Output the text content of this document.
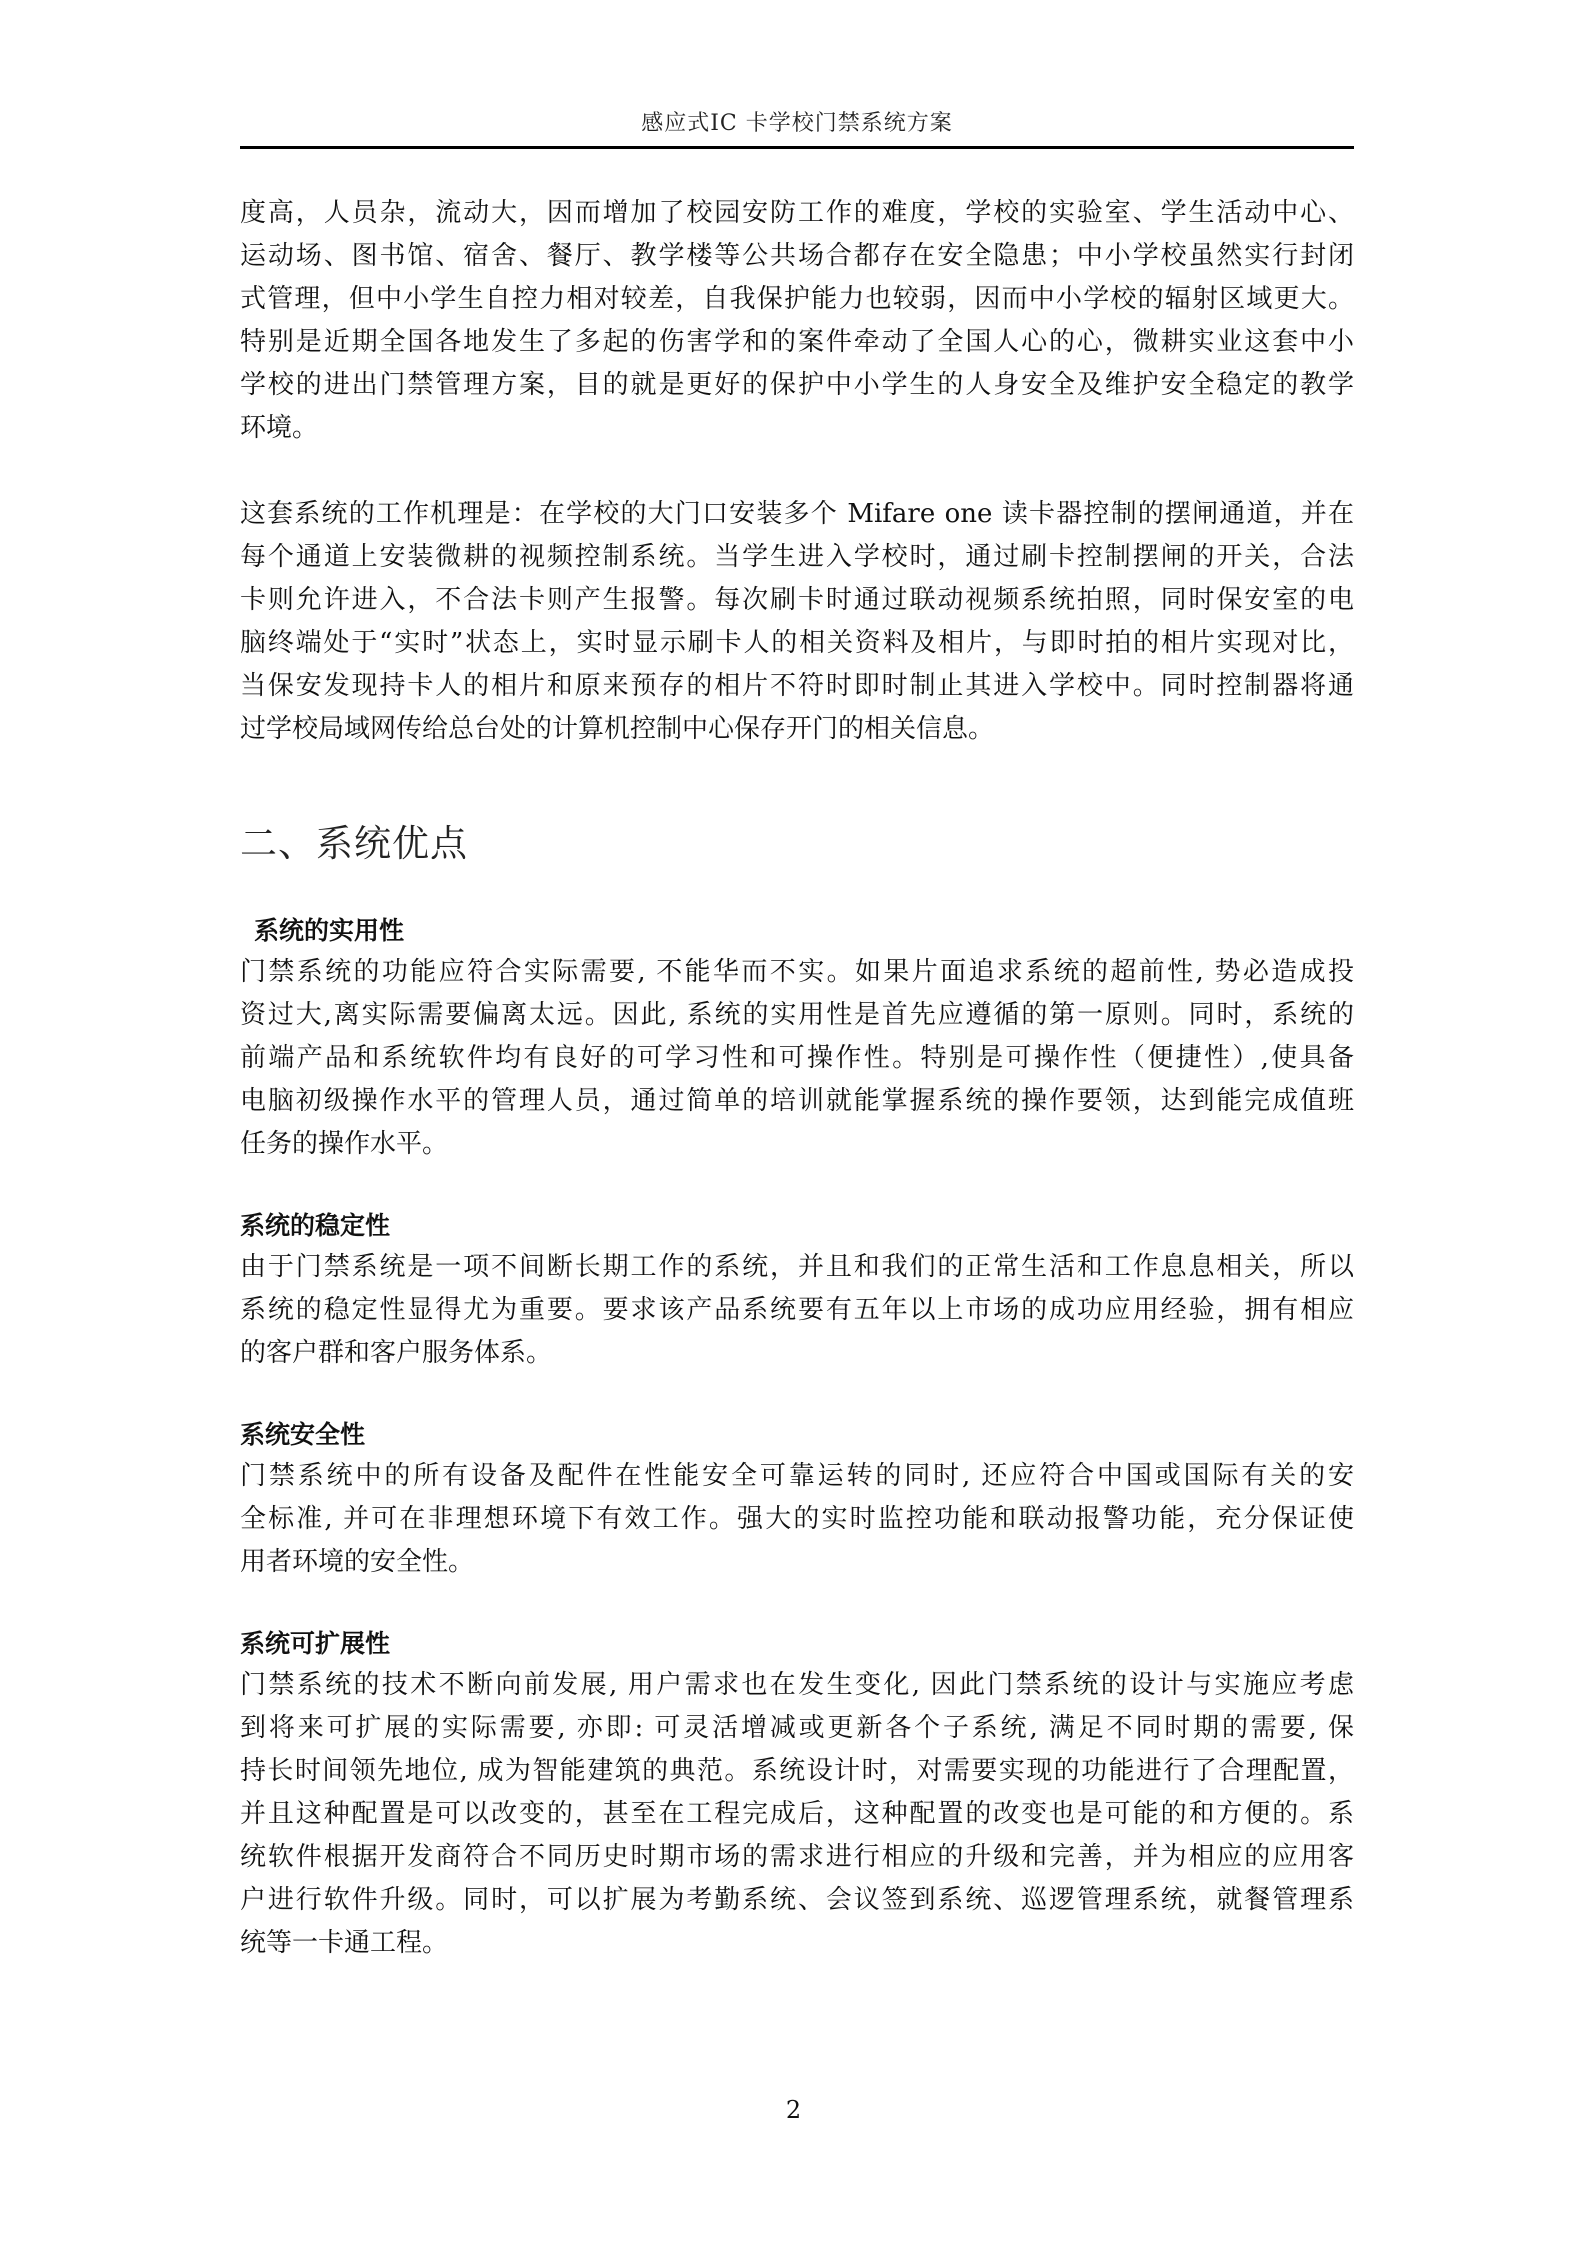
感应式IC 卡学校门禁系统方案
度高，人员杂，流动大，因而增加了校园安防工作的难度，学校的实验室、学生活动中心、
运动场、图书馆、宿舍、餐厅、教学楼等公共场合都存在安全隐患；中小学校虽然实行封闭
式管理，但中小学生自控力相对较差，自我保护能力也较弱，因而中小学校的辐射区域更大。
特别是近期全国各地发生了多起的伤害学和的案件牵动了全国人心的心，微耕实业这套中小
学校的进出门禁管理方案，目的就是更好的保护中小学生的人身安全及维护安全稳定的教学
环境。
这套系统的工作机理是：在学校的大门口安装多个 Mifare one 读卡器控制的摆闸通道，并在
每个通道上安装微耕的视频控制系统。当学生进入学校时，通过刷卡控制摆闸的开关，合法
卡则允许进入，不合法卡则产生报警。每次刷卡时通过联动视频系统拍照，同时保安室的电
脑终端处于“实时”状态上，实时显示刷卡人的相关资料及相片，与即时拍的相片实现对比，
当保安发现持卡人的相片和原来预存的相片不符时即时制止其进入学校中。同时控制器将通
过学校局域网传给总台处的计算机控制中心保存开门的相关信息。
二、系统优点
系统的实用性
门禁系统的功能应符合实际需要, 不能华而不实。如果片面追求系统的超前性, 势必造成投
资过大,离实际需要偏离太远。因此, 系统的实用性是首先应遵循的第一原则。同时，系统的
前端产品和系统软件均有良好的可学习性和可操作性。特别是可操作性（便捷性）,使具备
电脑初级操作水平的管理人员，通过简单的培训就能掌握系统的操作要领，达到能完成值班
任务的操作水平。
系统的稳定性
由于门禁系统是一项不间断长期工作的系统，并且和我们的正常生活和工作息息相关，所以
系统的稳定性显得尤为重要。要求该产品系统要有五年以上市场的成功应用经验，拥有相应
的客户群和客户服务体系。
系统安全性
门禁系统中的所有设备及配件在性能安全可靠运转的同时, 还应符合中国或国际有关的安
全标准, 并可在非理想环境下有效工作。强大的实时监控功能和联动报警功能，充分保证使
用者环境的安全性。
系统可扩展性
门禁系统的技术不断向前发展, 用户需求也在发生变化, 因此门禁系统的设计与实施应考虑
到将来可扩展的实际需要, 亦即: 可灵活增减或更新各个子系统, 满足不同时期的需要, 保
持长时间领先地位, 成为智能建筑的典范。系统设计时，对需要实现的功能进行了合理配置，
并且这种配置是可以改变的，甚至在工程完成后，这种配置的改变也是可能的和方便的。系
统软件根据开发商符合不同历史时期市场的需求进行相应的升级和完善，并为相应的应用客
户进行软件升级。同时，可以扩展为考勤系统、会议签到系统、巡逻管理系统，就餐管理系
统等一卡通工程。
2
